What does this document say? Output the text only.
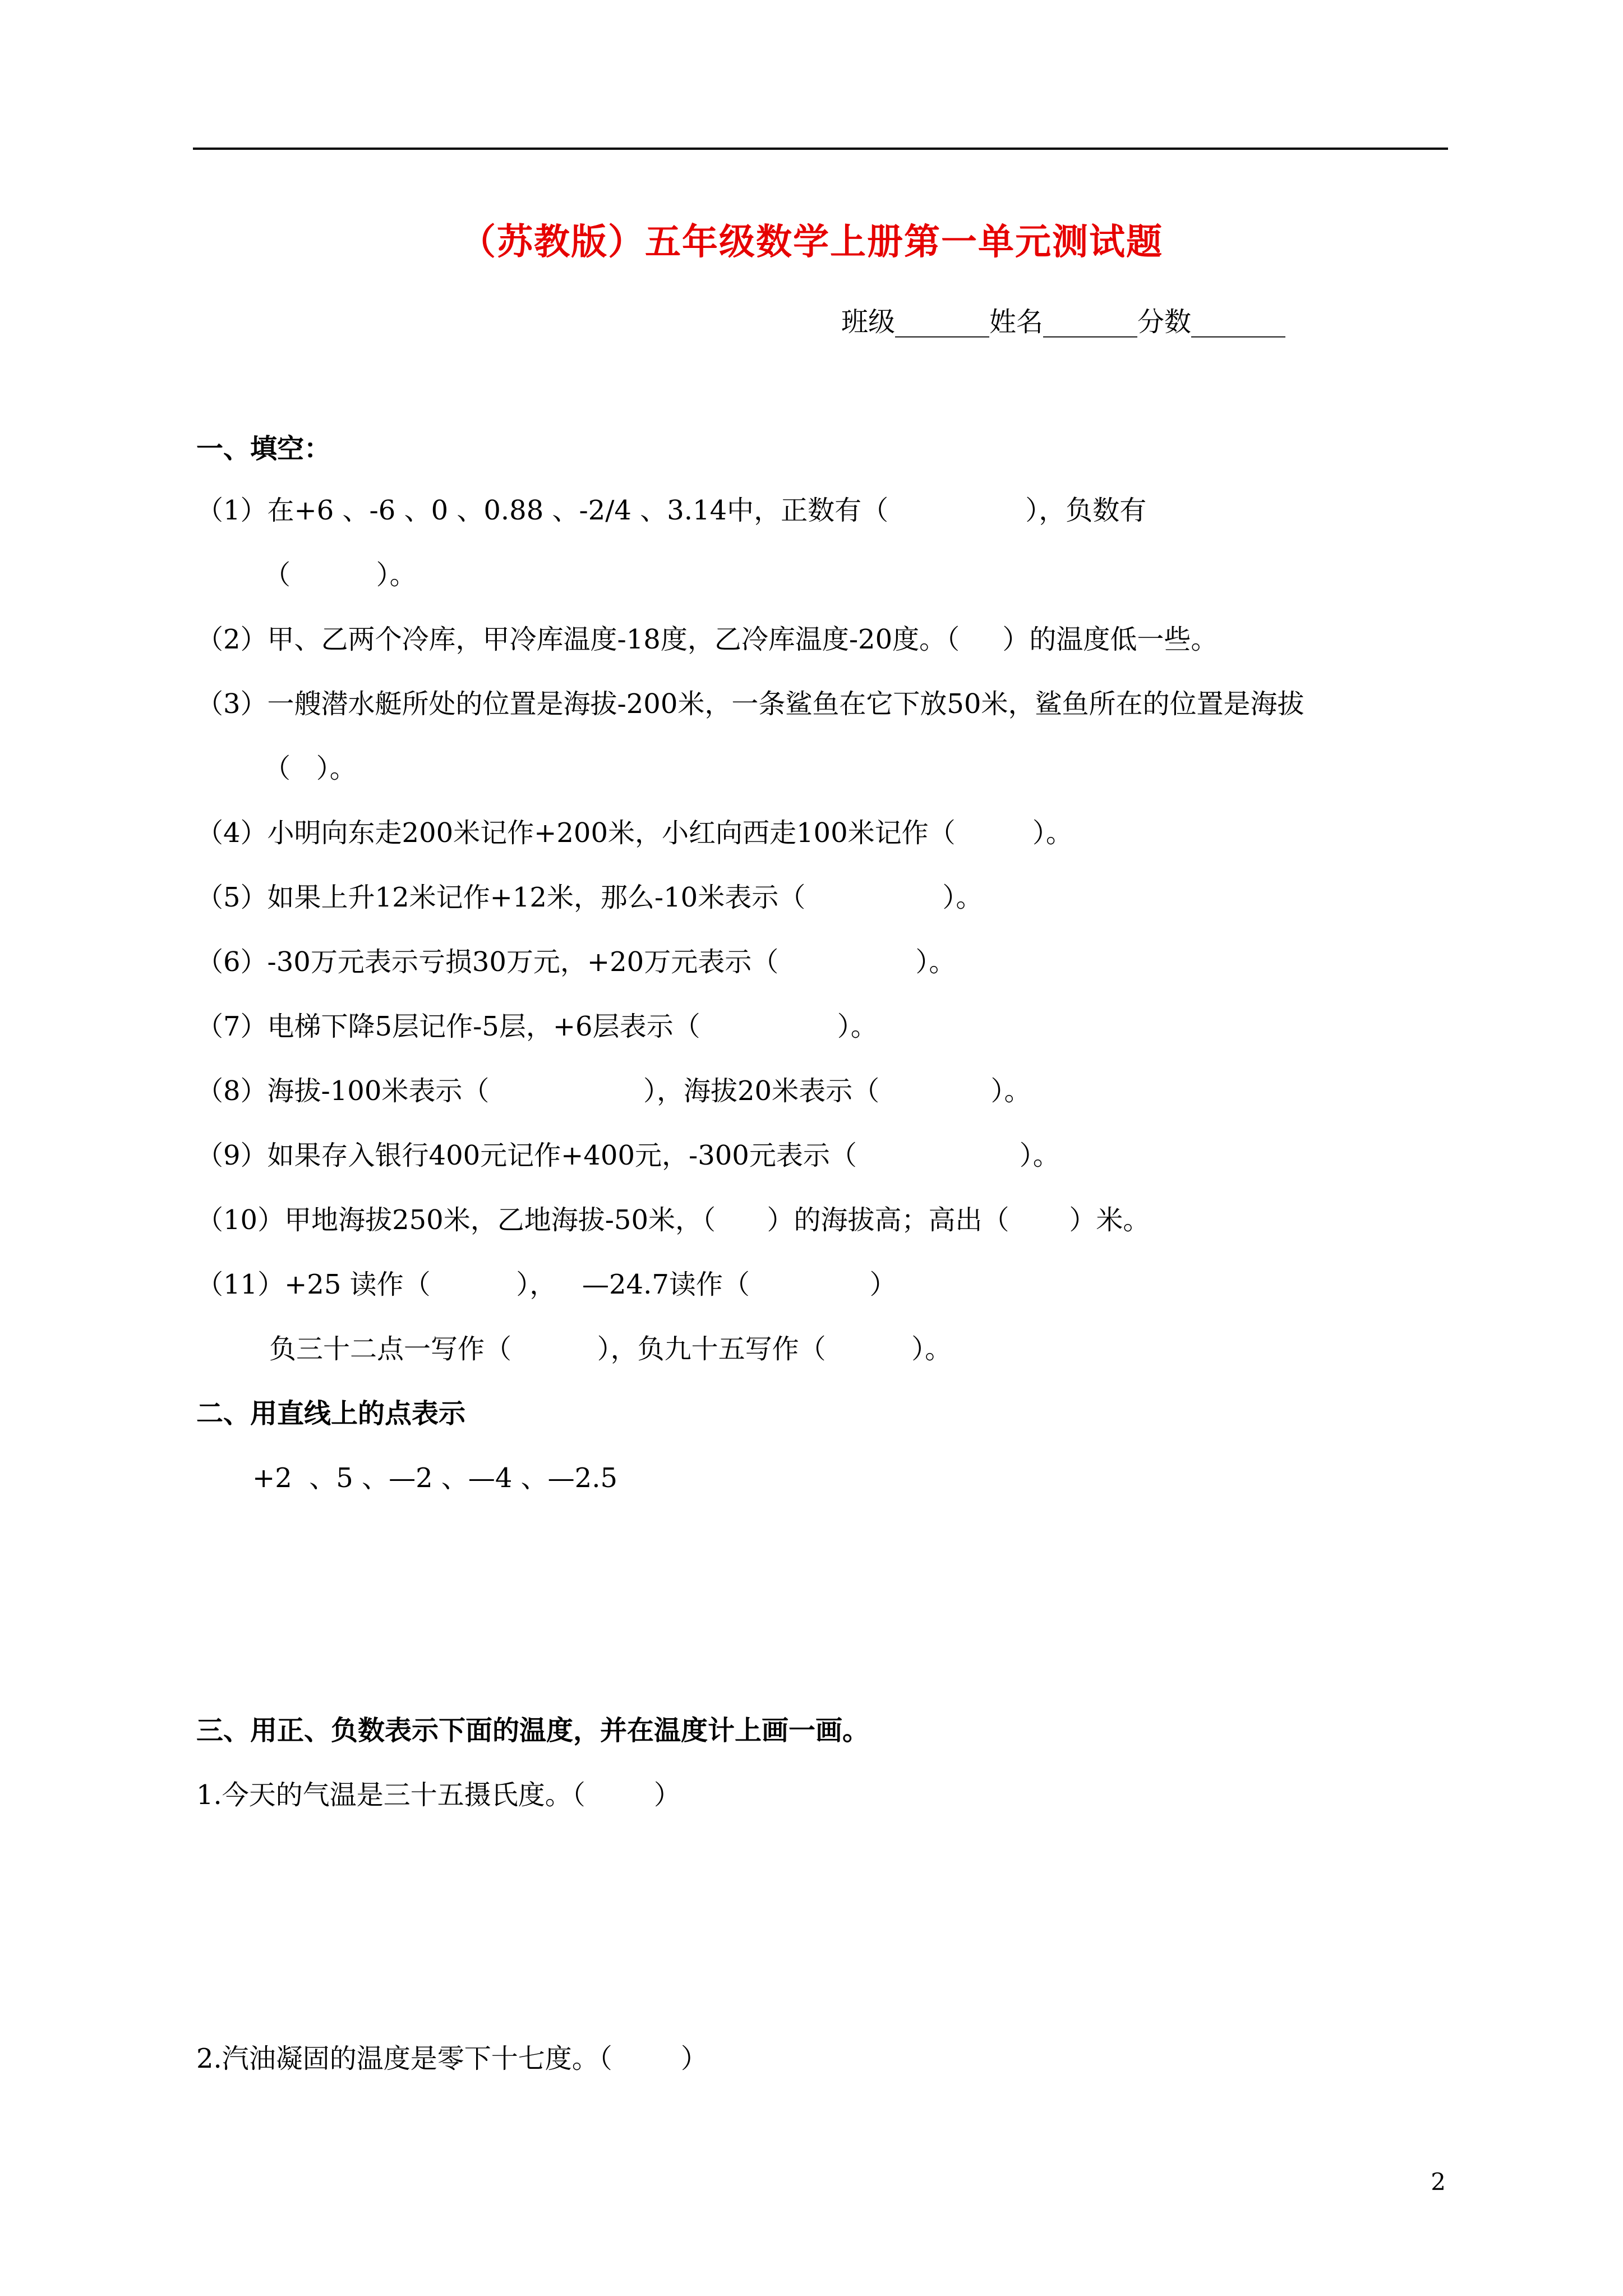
（苏教版）五年级数学上册第一单元测试题
班级_______姓名_______分数_______
一、填空：
（1）在+6 、-6 、0 、0.88 、-2/4 、3.14中，正数有（                ），负数有
（          ）。
（2）甲、乙两个冷库，甲冷库温度-18度，乙冷库温度-20度。（     ）的温度低一些。
（3）一艘潜水艇所处的位置是海拔-200米，一条鲨鱼在它下放50米，鲨鱼所在的位置是海拔
（   ）。
（4）小明向东走200米记作+200米，小红向西走100米记作（         ）。
（5）如果上升12米记作+12米，那么-10米表示（                ）。
（6）-30万元表示亏损30万元，+20万元表示（                ）。
（7）电梯下降5层记作-5层，+6层表示（                ）。
（8）海拔-100米表示（                  ），海拔20米表示（             ）。
（9）如果存入银行400元记作+400元，-300元表示（                   ）。
（10）甲地海拔250米，乙地海拔-50米，（      ）的海拔高；高出（       ）米。
（11）+25 读作（          ），   —24.7读作（              ）
负三十二点一写作（          ），负九十五写作（          ）。
二、用直线上的点表示
+2  、5 、—2 、—4 、—2.5
三、用正、负数表示下面的温度，并在温度计上画一画。
1.今天的气温是三十五摄氏度。（        ）
2.汽油凝固的温度是零下十七度。（        ）
2
